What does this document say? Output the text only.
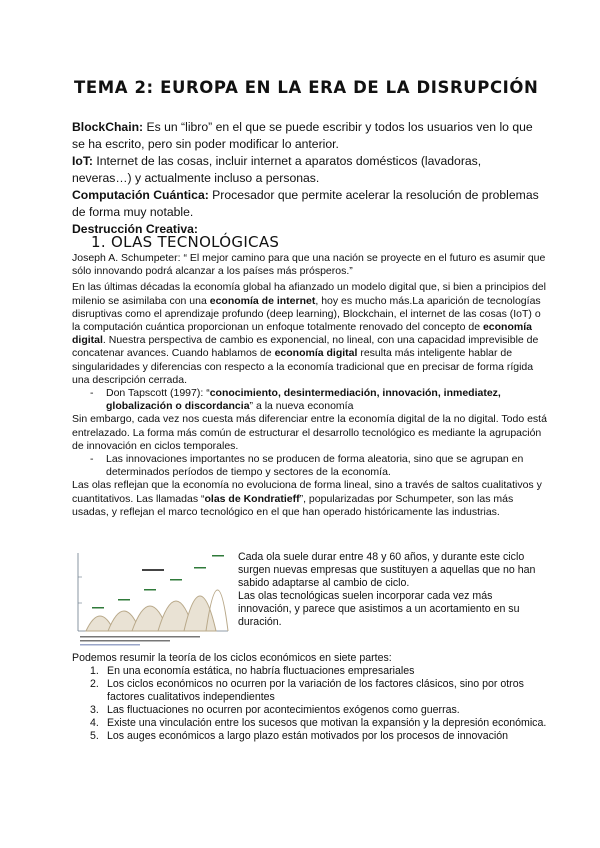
TEMA 2: EUROPA EN LA ERA DE LA DISRUPCIÓN

BlockChain: Es un “libro” en el que se puede escribir y todos los usuarios ven lo que se ha escrito, pero sin poder modificar lo anterior.

IoT: Internet de las cosas, incluir internet a aparatos domésticos (lavadoras, neveras…) y actualmente incluso a personas.

Computación Cuántica: Procesador que permite acelerar la resolución de problemas de forma muy notable.

Destrucción Creativa:

1. OLAS TECNOLÓGICAS

Joseph A. Schumpeter: “ El mejor camino para que una nación se proyecte en el futuro es asumir que sólo innovando podrá alcanzar a los países más prósperos.”

En las últimas décadas la economía global ha afianzado un modelo digital que, si bien a principios del milenio se asimilaba con una economía de internet, hoy es mucho más.La aparición de tecnologías disruptivas como el aprendizaje profundo (deep learning), Blockchain, el internet de las cosas (IoT) o la computación cuántica proporcionan un enfoque totalmente renovado del concepto de economía digital. Nuestra perspectiva de cambio es exponencial, no lineal, con una capacidad imprevisible de concatenar avances. Cuando hablamos de economía digital resulta más inteligente hablar de singularidades y diferencias con respecto a la economía tradicional que en precisar de forma rígida una descripción cerrada.

-	Don Tapscott (1997): “conocimiento, desintermediación, innovación, inmediatez, globalización o discordancia” a la nueva economía

Sin embargo, cada vez nos cuesta más diferenciar entre la economía digital de la no digital. Todo está entrelazado. La forma más común de estructurar el desarrollo tecnológico es mediante la agrupación de innovación en ciclos temporales.

-	Las innovaciones importantes no se producen de forma aleatoria, sino que se agrupan en determinados períodos de tiempo y sectores de la economía.

Las olas reflejan que la economía no evoluciona de forma lineal, sino a través de saltos cualitativos y cuantitativos. Las llamadas “olas de Kondratieff”, popularizadas por Schumpeter, son las más usadas, y reflejan el marco tecnológico en el que han operado históricamente las industrias.

Cada ola suele durar entre 48 y 60 años, y durante este ciclo surgen nuevas empresas que sustituyen a aquellas que no han sabido adaptarse al cambio de ciclo.

Las olas tecnológicas suelen incorporar cada vez más innovación, y parece que asistimos a un acortamiento en su duración.

Podemos resumir la teoría de los ciclos económicos en siete partes:

1. En una economía estática, no habría fluctuaciones empresariales
2. Los ciclos económicos no ocurren por la variación de los factores clásicos, sino por otros factores cualitativos independientes
3. Las fluctuaciones no ocurren por acontecimientos exógenos como guerras.
4. Existe una vinculación entre los sucesos que motivan la expansión y la depresión económica.
5. Los auges económicos a largo plazo están motivados por los procesos de innovación
